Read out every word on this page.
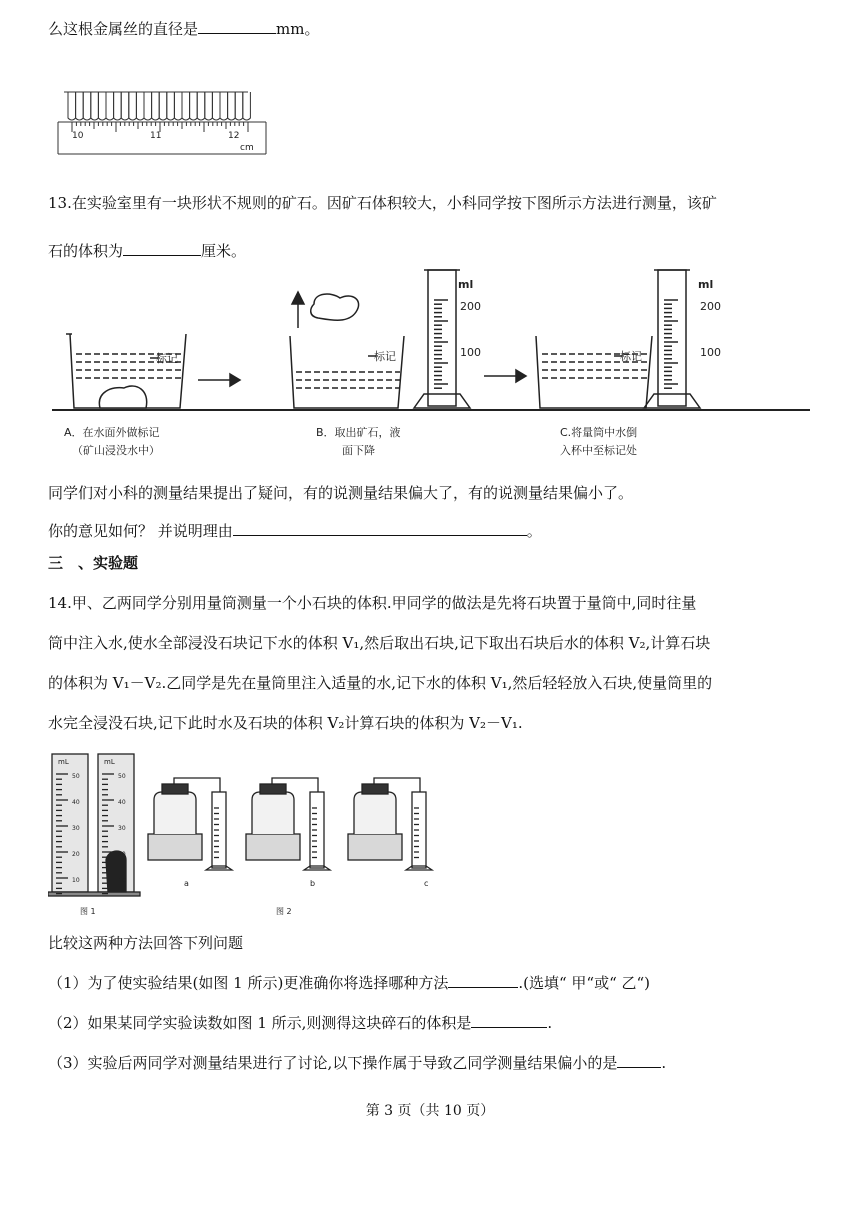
么这根金属丝的直径是	mm。
10	11	12
cm
13.在实验室里有一块形状不规则的矿石。因矿石体积较大，小科同学按下图所示方法进行测量，该矿
石的体积为	厘米。
标记	标记	标记
ml
200
100
ml
200
100
A．在水面外做标记
（矿山浸没水中）
B．取出矿石，液
面下降
C.将量筒中水倒
入杯中至标记处
同学们对小科的测量结果提出了疑问，有的说测量结果偏大了，有的说测量结果偏小了。
你的意见如何？ 并说明理由	。
三　、实验题
14.甲、乙两同学分别用量筒测量一个小石块的体积.甲同学的做法是先将石块置于量筒中,同时往量
筒中注入水,使水全部浸没石块记下水的体积 V₁,然后取出石块,记下取出石块后水的体积 V₂,计算石块
的体积为 V₁－V₂.乙同学是先在量筒里注入适量的水,记下水的体积 V₁,然后轻轻放入石块,使量筒里的
水完全浸没石块,记下此时水及石块的体积 V₂计算石块的体积为 V₂－V₁.
mL	mL
50
40
30
20
10
50
40
30
20
10
图 1	图 2
a	b	c
比较这两种方法回答下列问题
（1）为了使实验结果(如图 1 所示)更准确你将选择哪种方法	.(选填“ 甲“或“ 乙“)
（2）如果某同学实验读数如图 1 所示,则测得这块碎石的体积是	.
（3）实验后两同学对测量结果进行了讨论,以下操作属于导致乙同学测量结果偏小的是	.
第 3 页（共 10 页）
